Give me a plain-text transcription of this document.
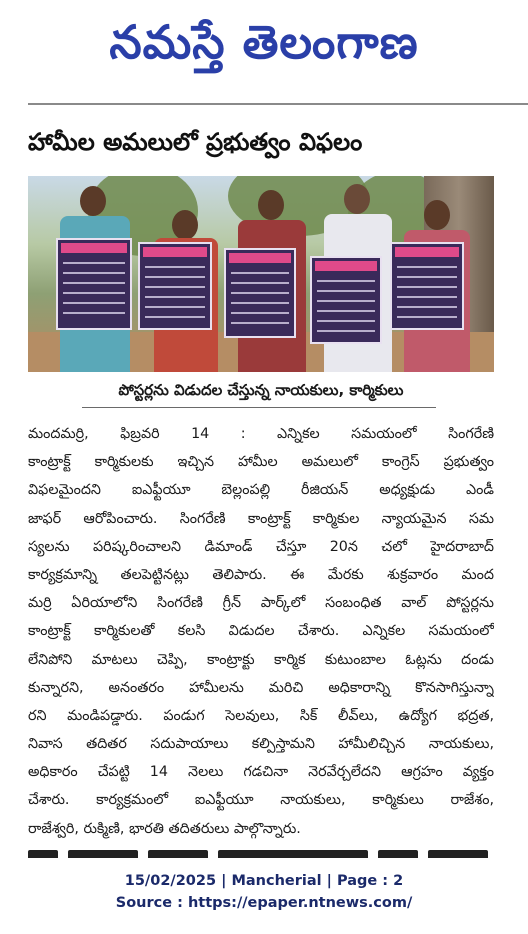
నమస్తే తెలంగాణ
హామీల అమలులో ప్రభుత్వం విఫలం
పోస్టర్లను విడుదల చేస్తున్న నాయకులు, కార్మికులు
మందమర్రి, ఫిబ్రవరి 14 : ఎన్నికల సమయంలో సింగరేణి
కాంట్రాక్ట్ కార్మికులకు ఇచ్చిన హామీల అమలులో కాంగ్రెస్ ప్రభుత్వం
విఫలమైందని ఐఎఫ్టీయూ బెల్లంపల్లి రీజియన్ అధ్యక్షుడు ఎండీ
జాఫర్ ఆరోపించారు. సింగరేణి కాంట్రాక్ట్ కార్మికుల న్యాయమైన సమ
స్యలను పరిష్కరించాలని డిమాండ్ చేస్తూ 20న చలో హైదరాబాద్
కార్యక్రమాన్ని తలపెట్టినట్లు తెలిపారు. ఈ మేరకు శుక్రవారం మంద
మర్రి ఏరియాలోని సింగరేణి గ్రీన్ పార్క్‌లో సంబంధిత వాల్ పోస్టర్లను
కాంట్రాక్ట్ కార్మికులతో కలసి విడుదల చేశారు. ఎన్నికల సమయంలో
లేనిపోని మాటలు చెప్పి, కాంట్రాక్టు కార్మిక కుటుంబాల ఓట్లను దండు
కున్నారని, అనంతరం హామీలను మరిచి అధికారాన్ని కొనసాగిస్తున్నా
రని మండిపడ్డారు. పండుగ సెలవులు, సిక్ లీవ్‌లు, ఉద్యోగ భద్రత,
నివాస తదితర సదుపాయాలు కల్పిస్తామని హామీలిచ్చిన నాయకులు,
అధికారం చేపట్టి 14 నెలలు గడచినా నెరవేర్చలేదని ఆగ్రహం వ్యక్తం
చేశారు. కార్యక్రమంలో ఐఎఫ్టీయూ నాయకులు, కార్మికులు రాజేశం,
రాజేశ్వరి, రుక్మిణి, భారతి తదితరులు పాల్గొన్నారు.
15/02/2025 | Mancherial | Page : 2
Source : https://epaper.ntnews.com/
